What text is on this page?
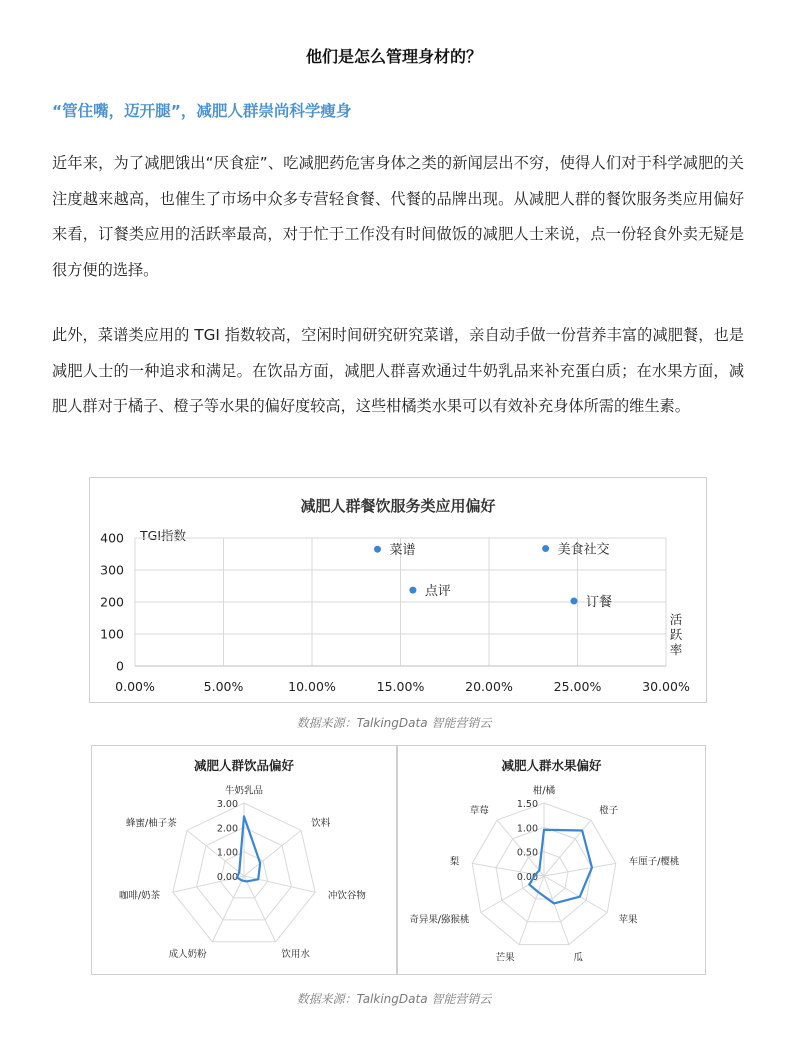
他们是怎么管理身材的？
“管住嘴，迈开腿”，减肥人群崇尚科学瘦身

近年来，为了减肥饿出“厌食症”、吃减肥药危害身体之类的新闻层出不穷，使得人们对于科学减肥的关注度越来越高，也催生了市场中众多专营轻食餐、代餐的品牌出现。从减肥人群的餐饮服务类应用偏好来看，订餐类应用的活跃率最高，对于忙于工作没有时间做饭的减肥人士来说，点一份轻食外卖无疑是很方便的选择。

此外，菜谱类应用的 TGI 指数较高，空闲时间研究研究菜谱，亲自动手做一份营养丰富的减肥餐，也是减肥人士的一种追求和满足。在饮品方面，减肥人群喜欢通过牛奶乳品来补充蛋白质；在水果方面，减肥人群对于橘子、橙子等水果的偏好度较高，这些柑橘类水果可以有效补充身体所需的维生素。

减肥人群餐饮服务类应用偏好
TGI指数
0.00%	5.00%	10.00%	15.00%	20.00%	25.00%	30.00%
0
100
200
300
400
活跃率
菜谱	美食社交
点评
订餐
数据来源：TalkingData 智能营销云
减肥人群饮品偏好
0.00
1.00
2.00
3.00
牛奶乳品
饮料
冲饮谷物
饮用水
成人奶粉
咖啡/奶茶
蜂蜜/柚子茶
减肥人群水果偏好
0.00
0.50
1.00
1.50
柑/橘
橙子
车厘子/樱桃
苹果
瓜
芒果
奇异果/猕猴桃
梨
草莓
数据来源：TalkingData 智能营销云
